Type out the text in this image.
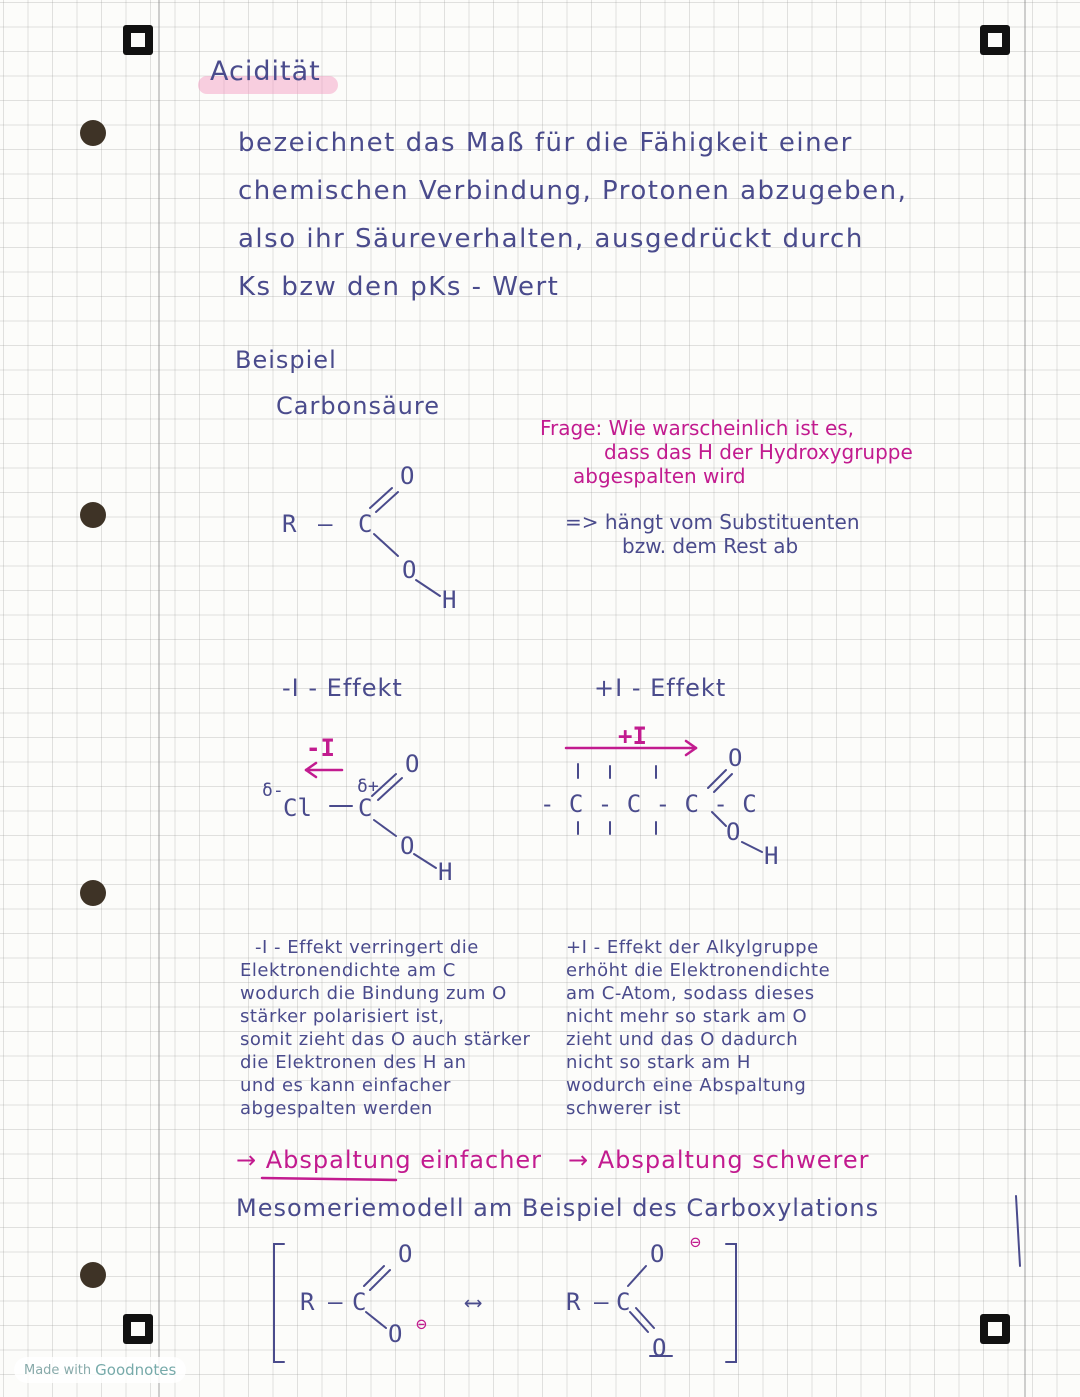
Acidität
bezeichnet das Maß für die Fähigkeit einer
chemischen Verbindung, Protonen abzugeben,
also ihr Säureverhalten, ausgedrückt durch
Ks bzw den pKs - Wert
Beispiel
Carbonsäure
Frage: Wie warscheinlich ist es,
dass das H der Hydroxygruppe
abgespalten wird
=> hängt vom Substituenten
bzw. dem Rest ab
O
R – C
O
H
-I - Effekt	+I - Effekt
-I
δ-	δ+
O
Cl C
O
H
+I
O
- C - C - C - C
O
H
-I - Effekt verringert die
Elektronendichte am C
wodurch die Bindung zum O
stärker polarisiert ist,
somit zieht das O auch stärker
die Elektronen des H an
und es kann einfacher
abgespalten werden
→ Abspaltung einfacher
+I - Effekt der Alkylgruppe
erhöht die Elektronendichte
am C-Atom, sodass dieses
nicht mehr so stark am O
zieht und das O dadurch
nicht so stark am H
wodurch eine Abspaltung
schwerer ist
→ Abspaltung schwerer
Mesomeriemodell am Beispiel des Carboxylations
O
R – C
O ⊖
⟷
O ⊖
R – C
O
Made with Goodnotes
